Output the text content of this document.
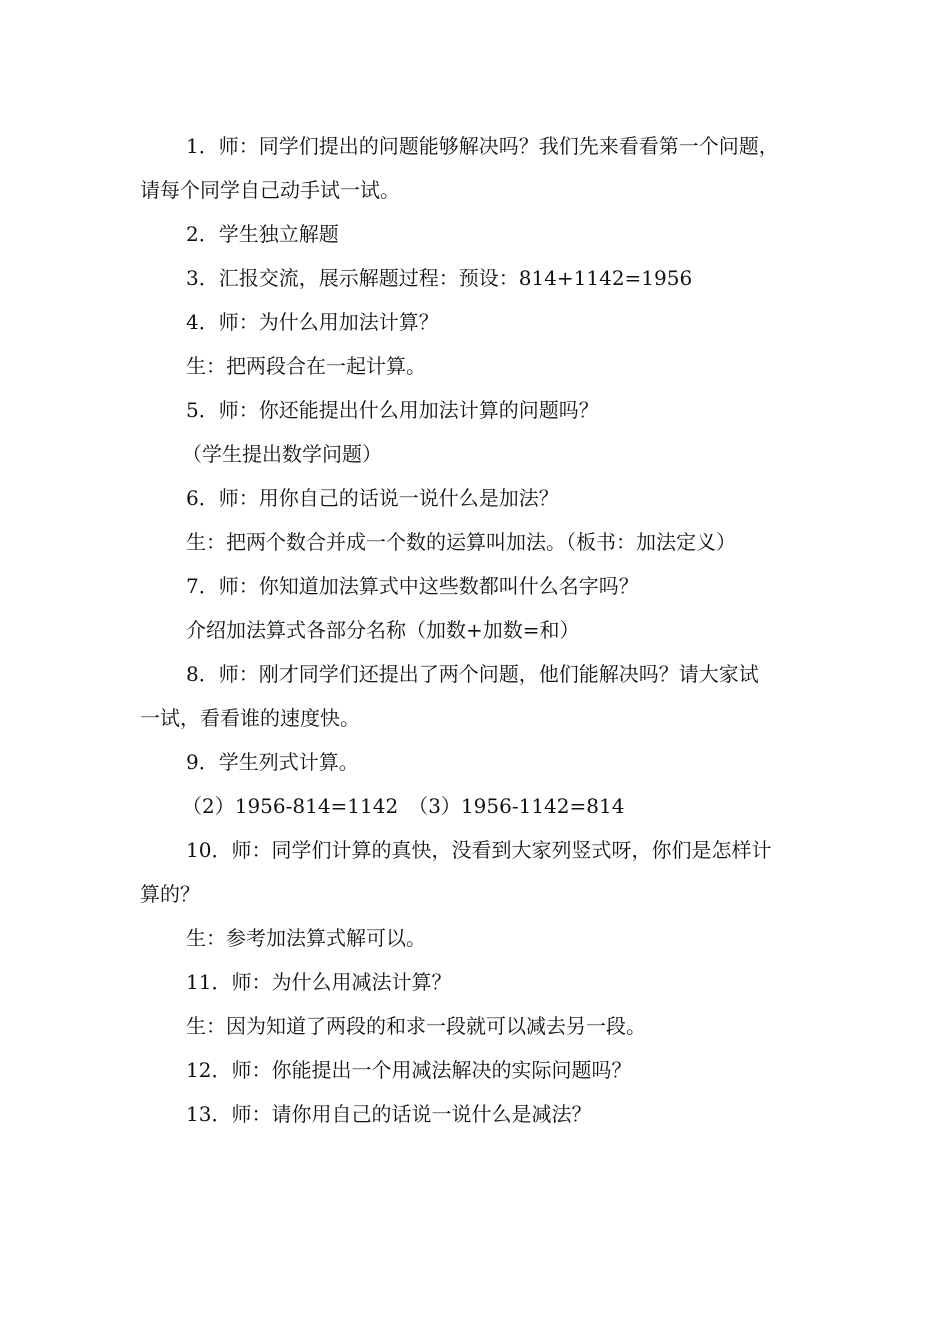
1．师：同学们提出的问题能够解决吗？我们先来看看第一个问题，

请每个同学自己动手试一试。

2．学生独立解题

3．汇报交流，展示解题过程：预设：814+1142=1956

4．师：为什么用加法计算？

生：把两段合在一起计算。

5．师：你还能提出什么用加法计算的问题吗？

（学生提出数学问题）

6．师：用你自己的话说一说什么是加法？

生：把两个数合并成一个数的运算叫加法。（板书：加法定义）

7．师：你知道加法算式中这些数都叫什么名字吗？

介绍加法算式各部分名称（加数+加数=和）

8．师：刚才同学们还提出了两个问题，他们能解决吗？请大家试

一试，看看谁的速度快。

9．学生列式计算。

（2）1956-814=1142　（3）1956-1142=814

10．师：同学们计算的真快，没看到大家列竖式呀，你们是怎样计

算的？

生：参考加法算式解可以。

11．师：为什么用减法计算？

生：因为知道了两段的和求一段就可以减去另一段。

12．师：你能提出一个用减法解决的实际问题吗？

13．师：请你用自己的话说一说什么是减法？
